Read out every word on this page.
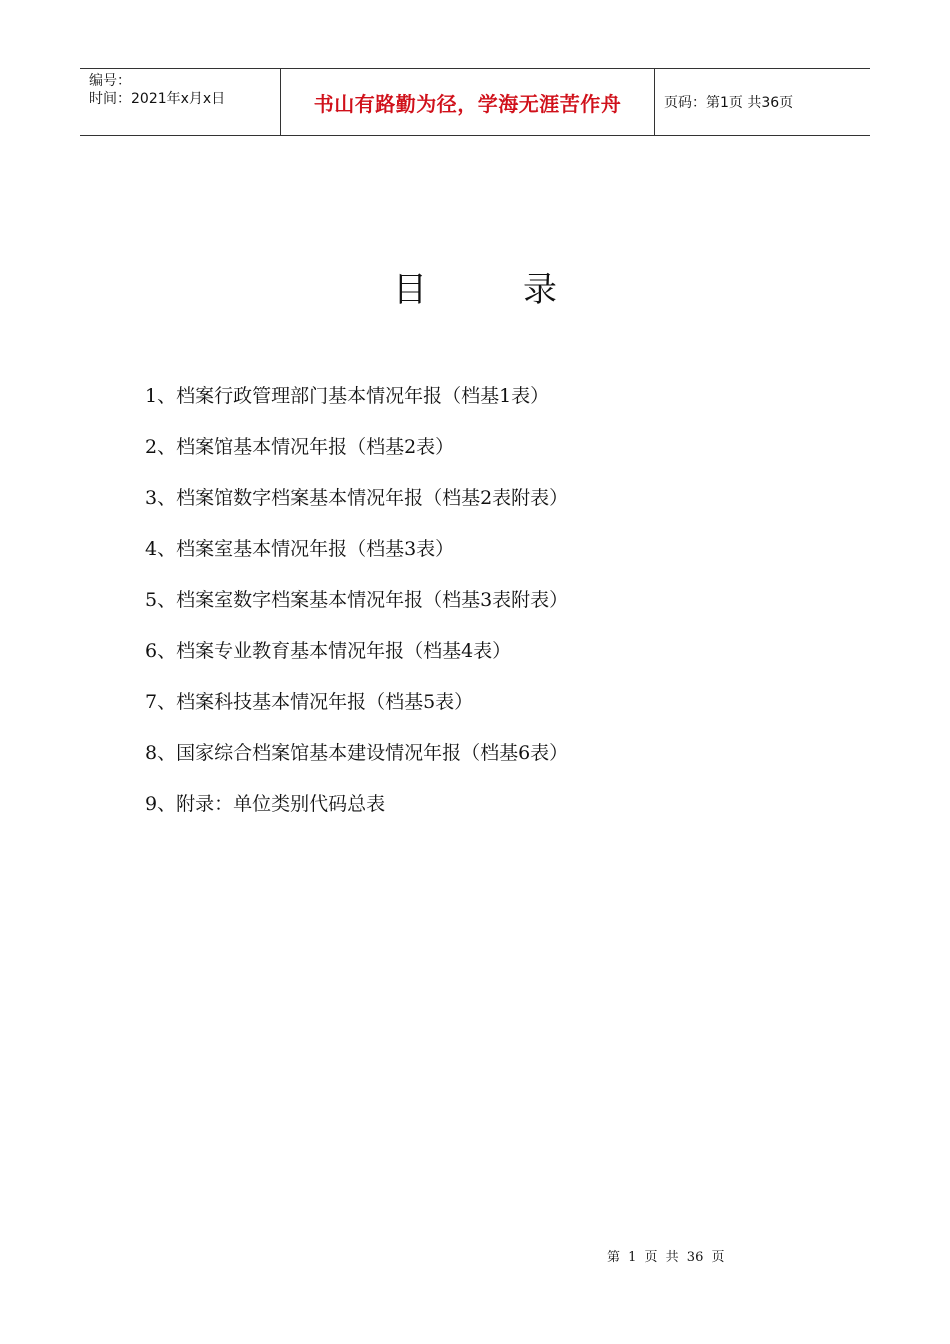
编号：
时间：2021年x月x日	书山有路勤为径，学海无涯苦作舟	页码：第1页 共36页
目	录
1、档案行政管理部门基本情况年报（档基1表）
2、档案馆基本情况年报（档基2表）
3、档案馆数字档案基本情况年报（档基2表附表）
4、档案室基本情况年报（档基3表）
5、档案室数字档案基本情况年报（档基3表附表）
6、档案专业教育基本情况年报（档基4表）
7、档案科技基本情况年报（档基5表）
8、国家综合档案馆基本建设情况年报（档基6表）
9、附录：单位类别代码总表
第 1 页 共 36 页
